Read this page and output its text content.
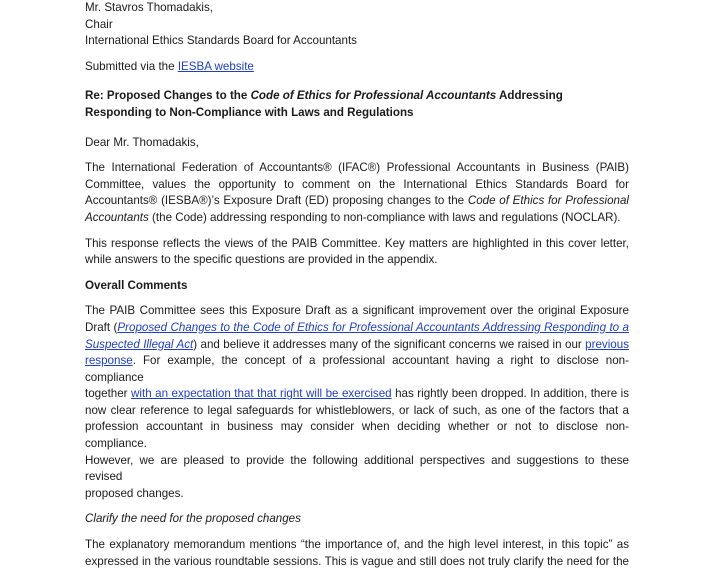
Mr. Stavros Thomadakis,
Chair
International Ethics Standards Board for Accountants
Submitted via the IESBA website
Re: Proposed Changes to the Code of Ethics for Professional Accountants Addressing
Responding to Non-Compliance with Laws and Regulations
Dear Mr. Thomadakis,
The International Federation of Accountants® (IFAC®) Professional Accountants in Business (PAIB)
Committee, values the opportunity to comment on the International Ethics Standards Board for
Accountants® (IESBA®)’s Exposure Draft (ED) proposing changes to the Code of Ethics for Professional
Accountants (the Code) addressing responding to non-compliance with laws and regulations (NOCLAR).
This response reflects the views of the PAIB Committee. Key matters are highlighted in this cover letter,
while answers to the specific questions are provided in the appendix.
Overall Comments
The PAIB Committee sees this Exposure Draft as a significant improvement over the original Exposure
Draft (Proposed Changes to the Code of Ethics for Professional Accountants Addressing Responding to a
Suspected Illegal Act) and believe it addresses many of the significant concerns we raised in our previous
response. For example, the concept of a professional accountant having a right to disclose non-compliance
together with an expectation that that right will be exercised has rightly been dropped. In addition, there is
now clear reference to legal safeguards for whistleblowers, or lack of such, as one of the factors that a
profession accountant in business may consider when deciding whether or not to disclose non-compliance.
However, we are pleased to provide the following additional perspectives and suggestions to these revised
proposed changes.
Clarify the need for the proposed changes
The explanatory memorandum mentions “the importance of, and the high level interest, in this topic” as
expressed in the various roundtable sessions. This is vague and still does not truly clarify the need for the
